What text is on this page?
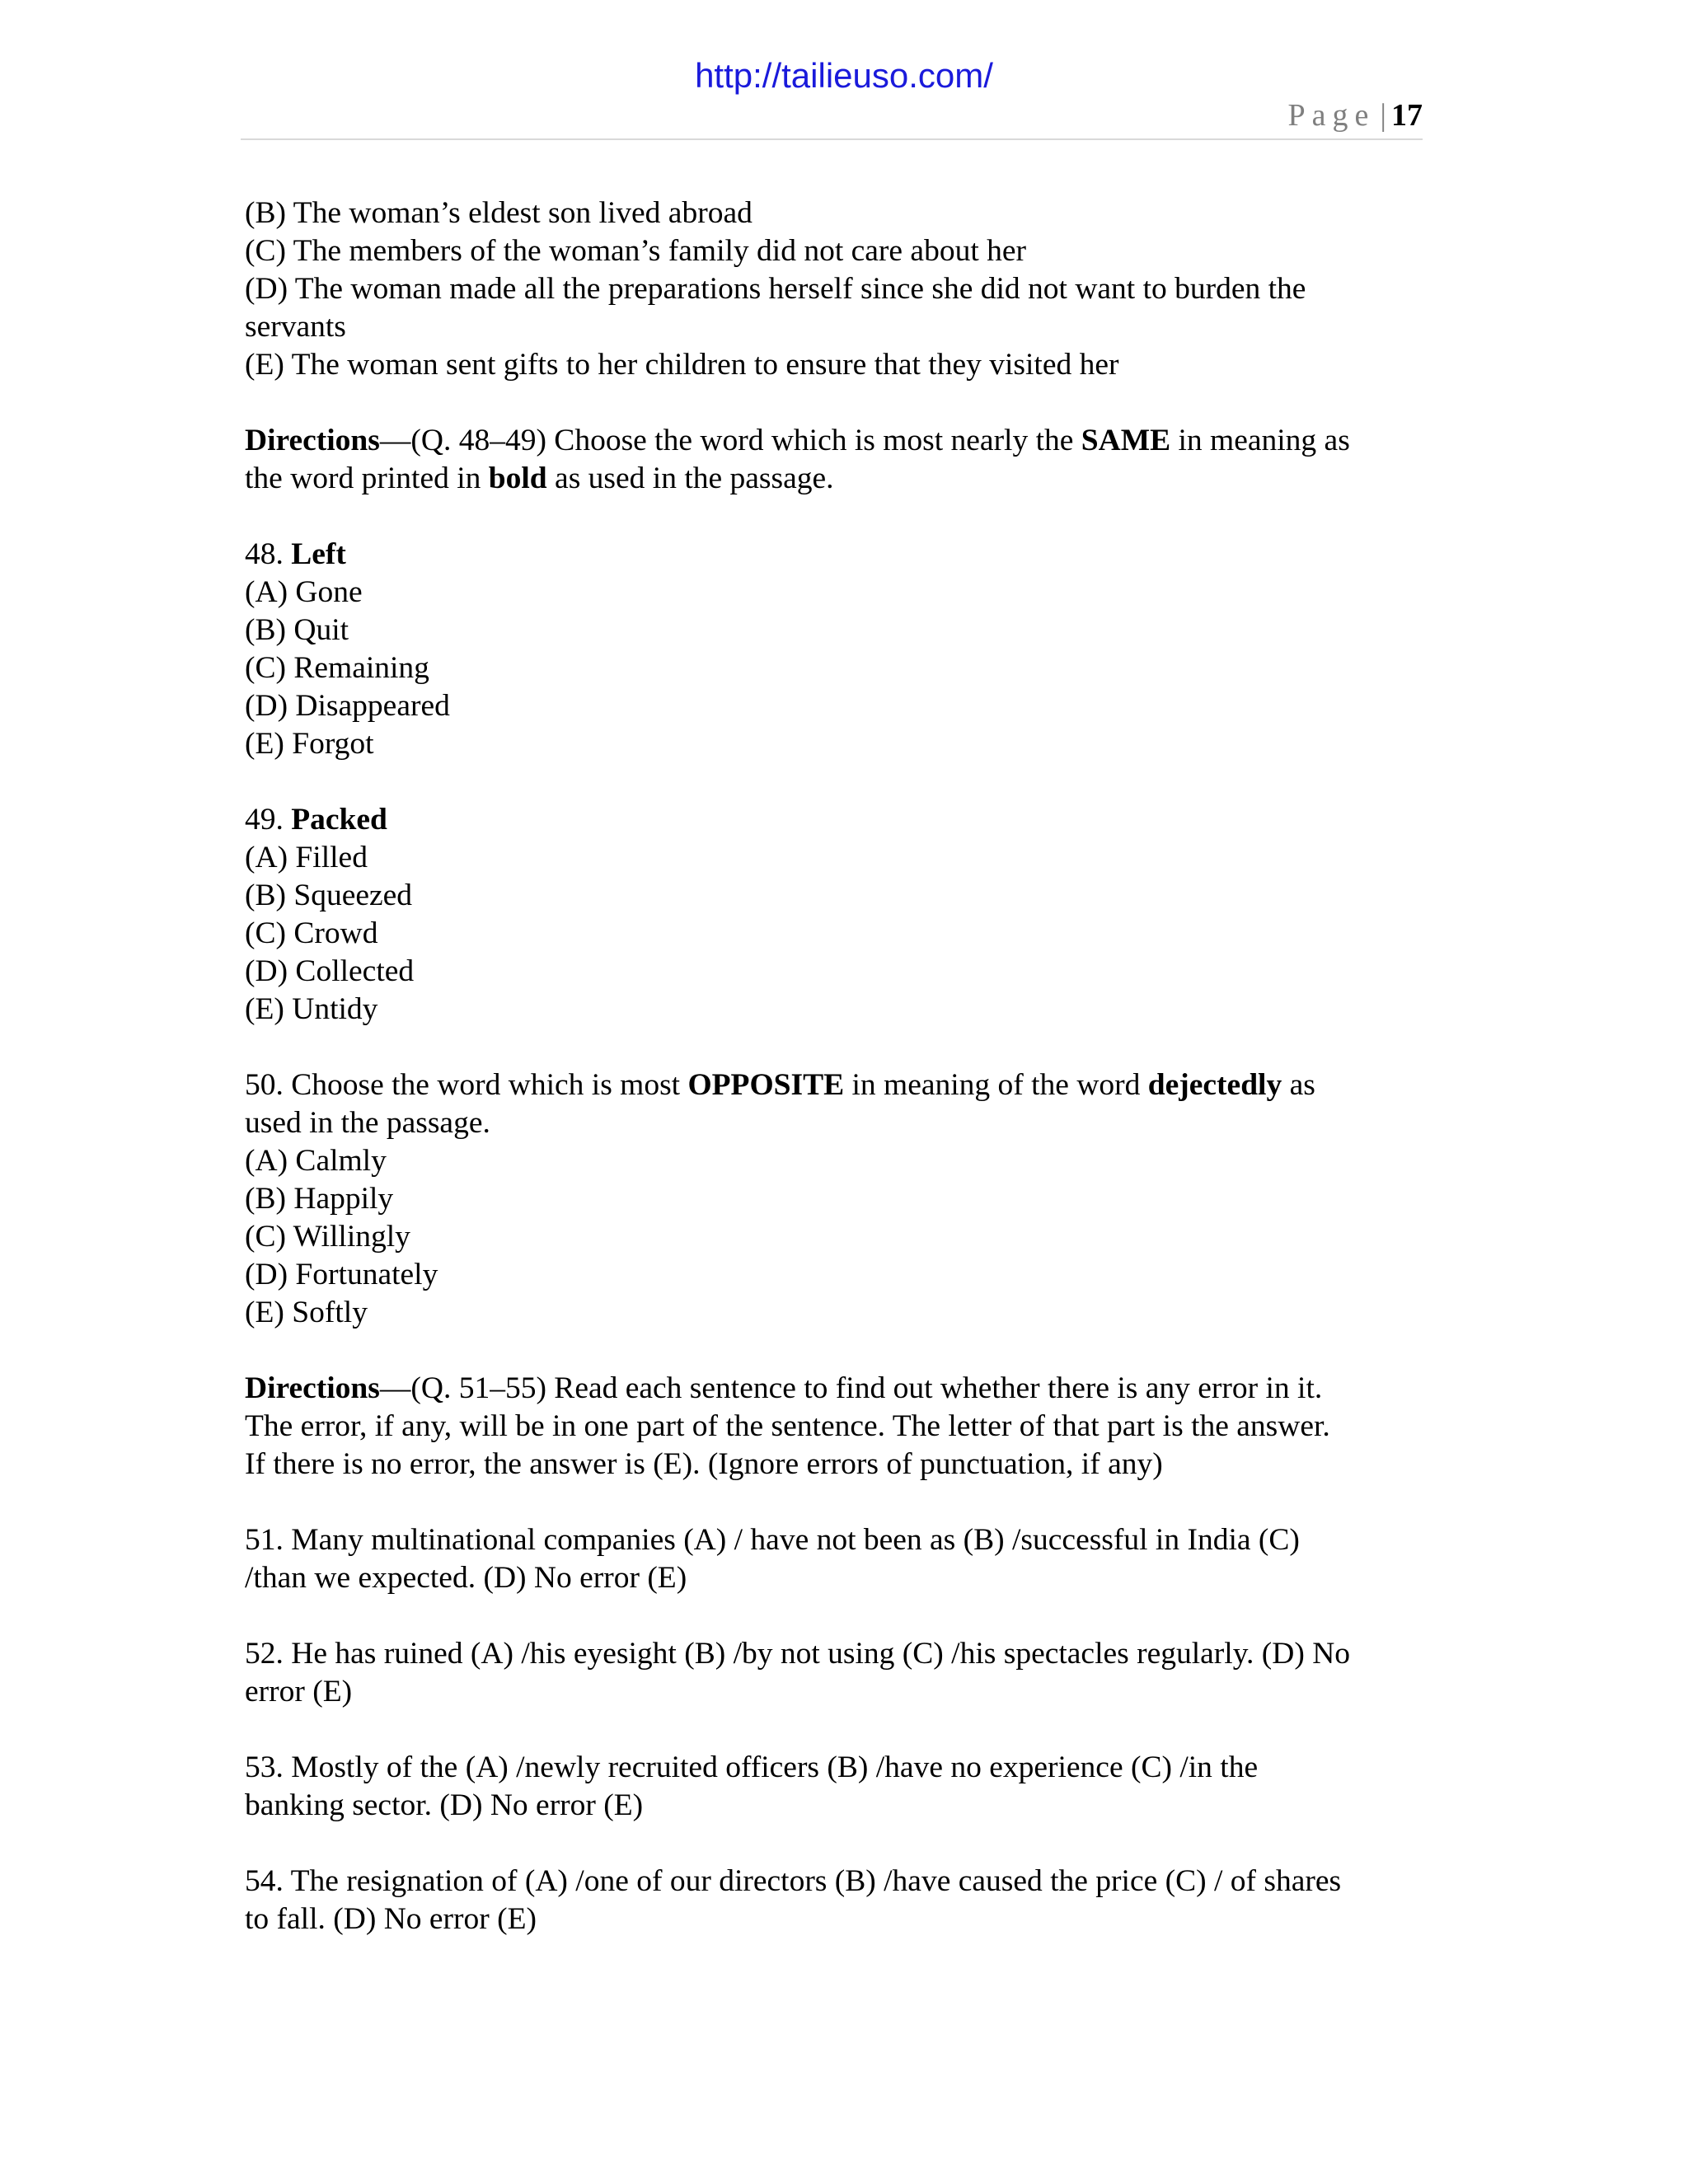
http://tailieuso.com/
Page | 17
(B) The woman’s eldest son lived abroad
(C) The members of the woman’s family did not care about her
(D) The woman made all the preparations herself since she did not want to burden the
servants
(E) The woman sent gifts to her children to ensure that they visited her
Directions—(Q. 48–49) Choose the word which is most nearly the SAME in meaning as
the word printed in bold as used in the passage.
48. Left
(A) Gone
(B) Quit
(C) Remaining
(D) Disappeared
(E) Forgot
49. Packed
(A) Filled
(B) Squeezed
(C) Crowd
(D) Collected
(E) Untidy
50. Choose the word which is most OPPOSITE in meaning of the word dejectedly as
used in the passage.
(A) Calmly
(B) Happily
(C) Willingly
(D) Fortunately
(E) Softly
Directions—(Q. 51–55) Read each sentence to find out whether there is any error in it.
The error, if any, will be in one part of the sentence. The letter of that part is the answer.
If there is no error, the answer is (E). (Ignore errors of punctuation, if any)
51. Many multinational companies (A) / have not been as (B) /successful in India (C)
/than we expected. (D) No error (E)
52. He has ruined (A) /his eyesight (B) /by not using (C) /his spectacles regularly. (D) No
error (E)
53. Mostly of the (A) /newly recruited officers (B) /have no experience (C) /in the
banking sector. (D) No error (E)
54. The resignation of (A) /one of our directors (B) /have caused the price (C) / of shares
to fall. (D) No error (E)
